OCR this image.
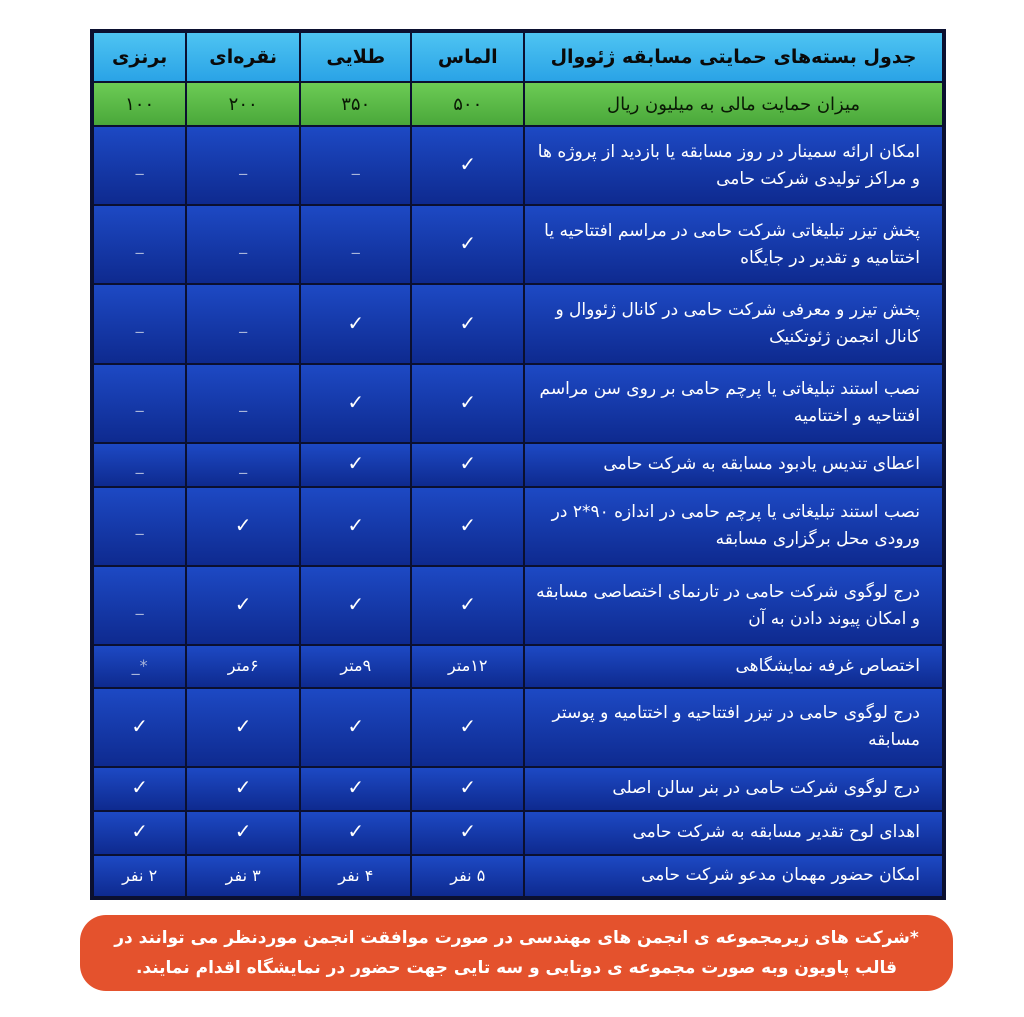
جدول بسته‌های حمایتی مسابقه ژئووال	الماس	طلایی	نقره‌ای	برنزی
میزان حمایت مالی به میلیون ریال	۵۰۰	۳۵۰	۲۰۰	۱۰۰
امکان ارائه سمینار در روز مسابقه یا بازدید از پروژه ها و مراکز تولیدی شرکت حامی	✓	_	_	_
پخش تیزر تبلیغاتی شرکت حامی در مراسم افتتاحیه یا اختتامیه و تقدیر در جایگاه	✓	_	_	_
پخش تیزر و معرفی شرکت حامی در کانال ژئووال و کانال انجمن ژئوتکنیک	✓	✓	_	_
نصب استند تبلیغاتی یا پرچم حامی بر روی سن مراسم افتتاحیه و اختتامیه	✓	✓	_	_
اعطای تندیس یادبود مسابقه به شرکت حامی	✓	✓	_	_
نصب استند تبلیغاتی یا پرچم حامی در اندازه ۹۰*۲ در ورودی محل برگزاری مسابقه	✓	✓	✓	_
درج لوگوی شرکت حامی در تارنمای اختصاصی مسابقه و امکان پیوند دادن به آن	✓	✓	✓	_
اختصاص غرفه نمایشگاهی	۱۲متر	۹متر	۶متر	*_
درج لوگوی حامی در تیزر افتتاحیه و اختتامیه و پوستر مسابقه	✓	✓	✓	✓
درج لوگوی شرکت حامی در بنر سالن اصلی	✓	✓	✓	✓
اهدای لوح تقدیر مسابقه به شرکت حامی	✓	✓	✓	✓
امکان حضور مهمان مدعو شرکت حامی	۵ نفر	۴ نفر	۳ نفر	۲ نفر
*شرکت های زیرمجموعه ی انجمن های مهندسی در صورت موافقت انجمن موردنظر می توانند در قالب پاویون وبه صورت مجموعه ی دوتایی و سه تایی جهت حضور در نمایشگاه اقدام نمایند.
